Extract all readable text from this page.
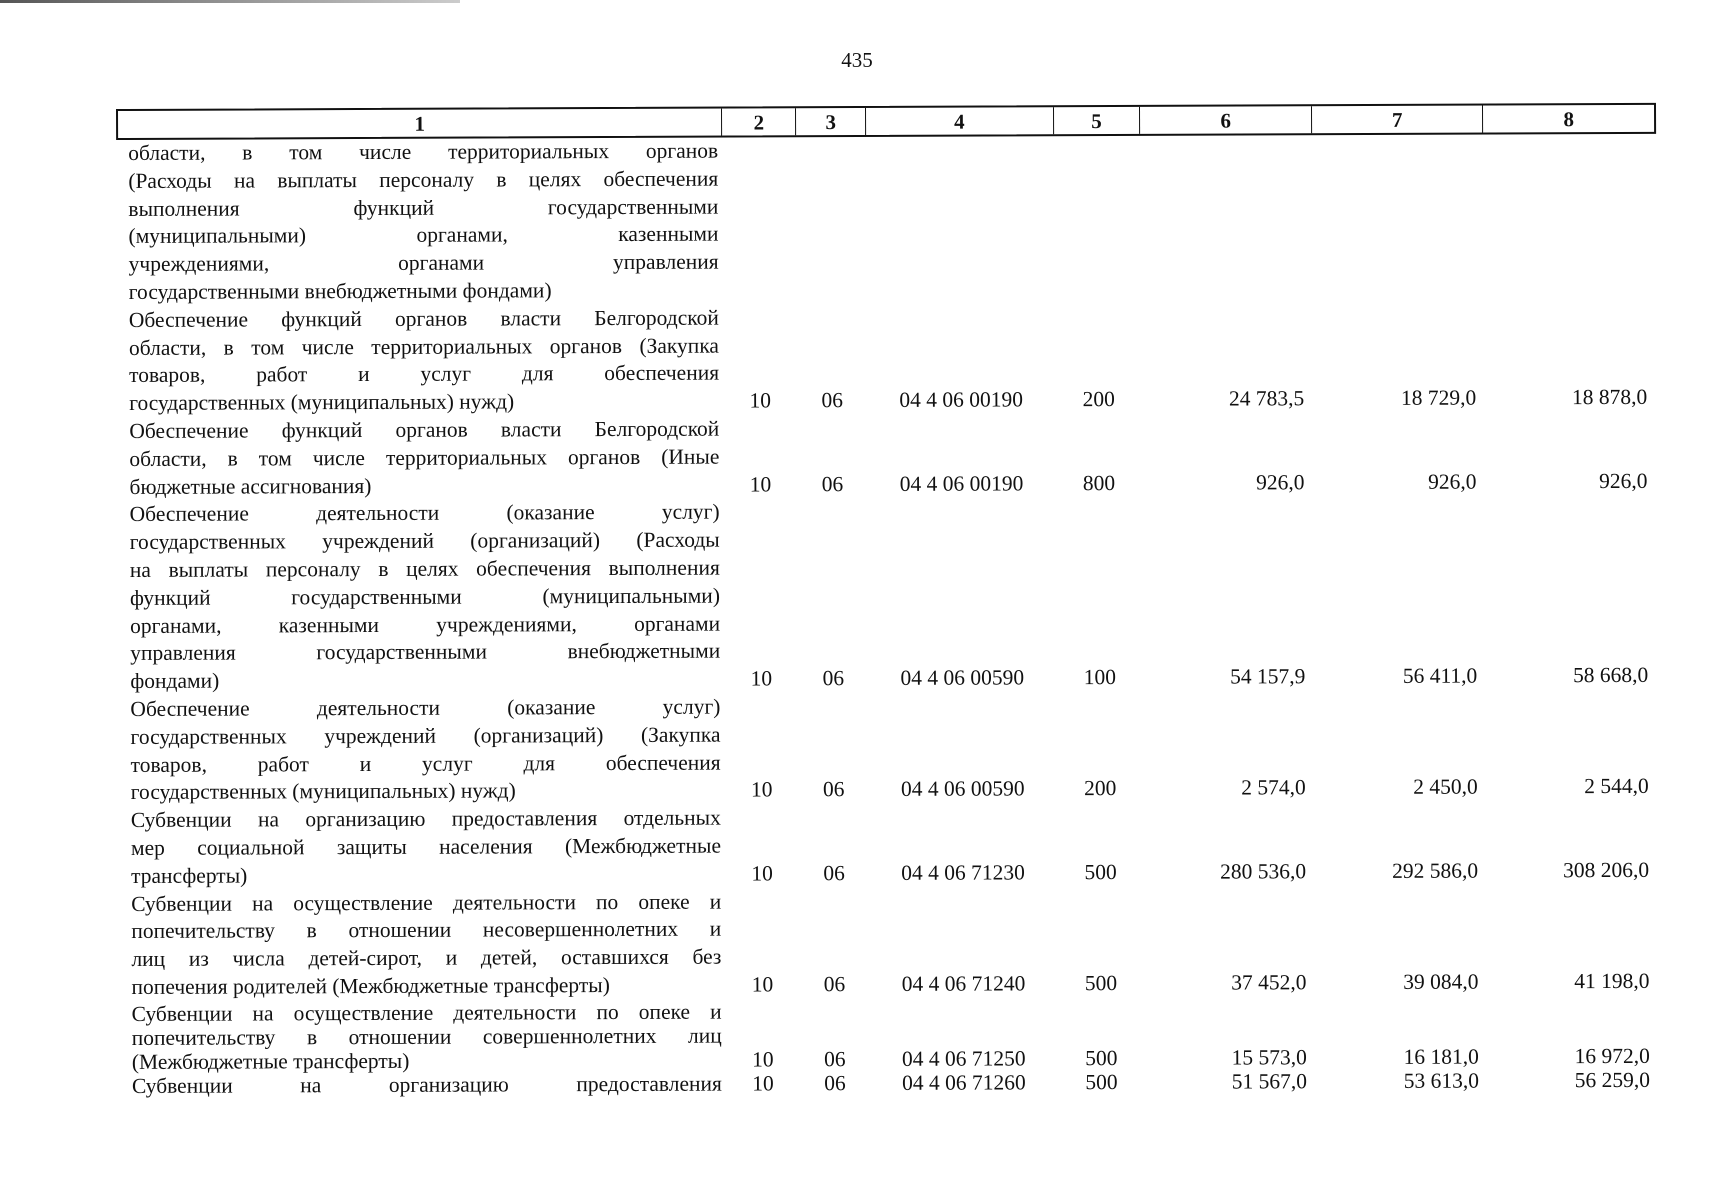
435
1	2	3	4	5	6	7	8
области, в том числе территориальных органов
(Расходы на выплаты персоналу в целях обеспечения
выполнения функций государственными
(муниципальными) органами, казенными
учреждениями, органами управления
государственными внебюджетными фондами)
Обеспечение функций органов власти Белгородской
области, в том числе территориальных органов (Закупка
товаров, работ и услуг для обеспечения
государственных (муниципальных) нужд)	10	06	04 4 06 00190	200	24 783,5	18 729,0	18 878,0
Обеспечение функций органов власти Белгородской
области, в том числе территориальных органов (Иные
бюджетные ассигнования)	10	06	04 4 06 00190	800	926,0	926,0	926,0
Обеспечение деятельности (оказание услуг)
государственных учреждений (организаций) (Расходы
на выплаты персоналу в целях обеспечения выполнения
функций государственными (муниципальными)
органами, казенными учреждениями, органами
управления государственными внебюджетными
фондами)	10	06	04 4 06 00590	100	54 157,9	56 411,0	58 668,0
Обеспечение деятельности (оказание услуг)
государственных учреждений (организаций) (Закупка
товаров, работ и услуг для обеспечения
государственных (муниципальных) нужд)	10	06	04 4 06 00590	200	2 574,0	2 450,0	2 544,0
Субвенции на организацию предоставления отдельных
мер социальной защиты населения (Межбюджетные
трансферты)	10	06	04 4 06 71230	500	280 536,0	292 586,0	308 206,0
Субвенции на осуществление деятельности по опеке и
попечительству в отношении несовершеннолетних и
лиц из числа детей-сирот, и детей, оставшихся без
попечения родителей (Межбюджетные трансферты)	10	06	04 4 06 71240	500	37 452,0	39 084,0	41 198,0
Субвенции на осуществление деятельности по опеке и
попечительству в отношении совершеннолетних лиц
(Межбюджетные трансферты)	10	06	04 4 06 71250	500	15 573,0	16 181,0	16 972,0
Субвенции на организацию предоставления	10	06	04 4 06 71260	500	51 567,0	53 613,0	56 259,0
